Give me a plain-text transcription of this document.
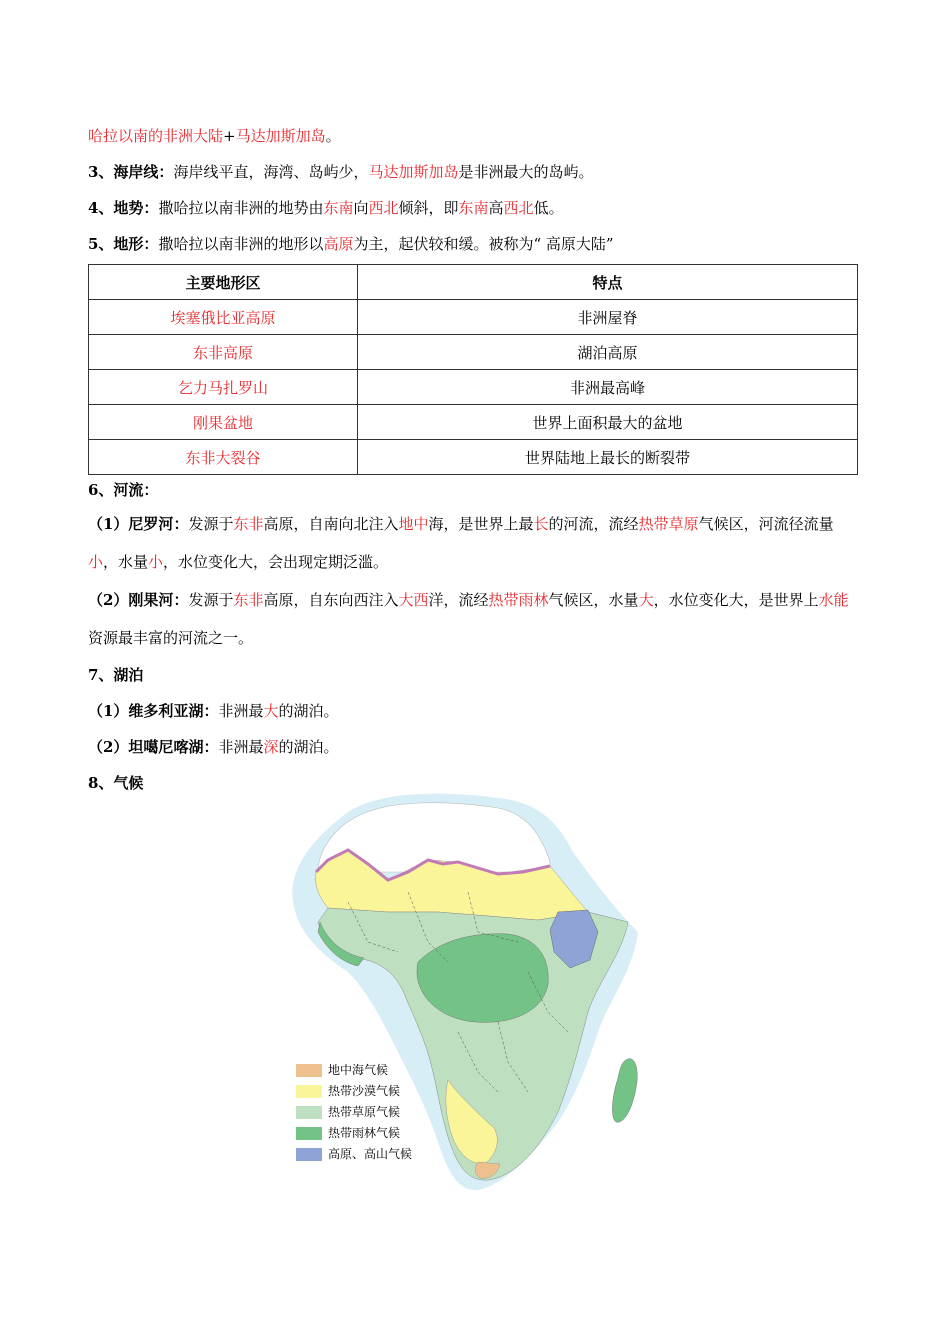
哈拉以南的非洲大陆+马达加斯加岛。
3、海岸线：海岸线平直，海湾、岛屿少，马达加斯加岛是非洲最大的岛屿。
4、地势：撒哈拉以南非洲的地势由东南向西北倾斜，即东南高西北低。
5、地形：撒哈拉以南非洲的地形以高原为主，起伏较和缓。被称为“ 高原大陆”
主要地形区	特点
埃塞俄比亚高原	非洲屋脊
东非高原	湖泊高原
乞力马扎罗山	非洲最高峰
刚果盆地	世界上面积最大的盆地
东非大裂谷	世界陆地上最长的断裂带
6、河流：
（1）尼罗河：发源于东非高原，自南向北注入地中海，是世界上最长的河流，流经热带草原气候区，河流径流量小，水量小，水位变化大，会出现定期泛滥。
（2）刚果河：发源于东非高原，自东向西注入大西洋，流经热带雨林气候区，水量大，水位变化大，是世界上水能资源最丰富的河流之一。
7、湖泊
（1）维多利亚湖：非洲最大的湖泊。
（2）坦噶尼喀湖：非洲最深的湖泊。
8、气候
地中海气候
热带沙漠气候
热带草原气候
热带雨林气候
高原、高山气候
